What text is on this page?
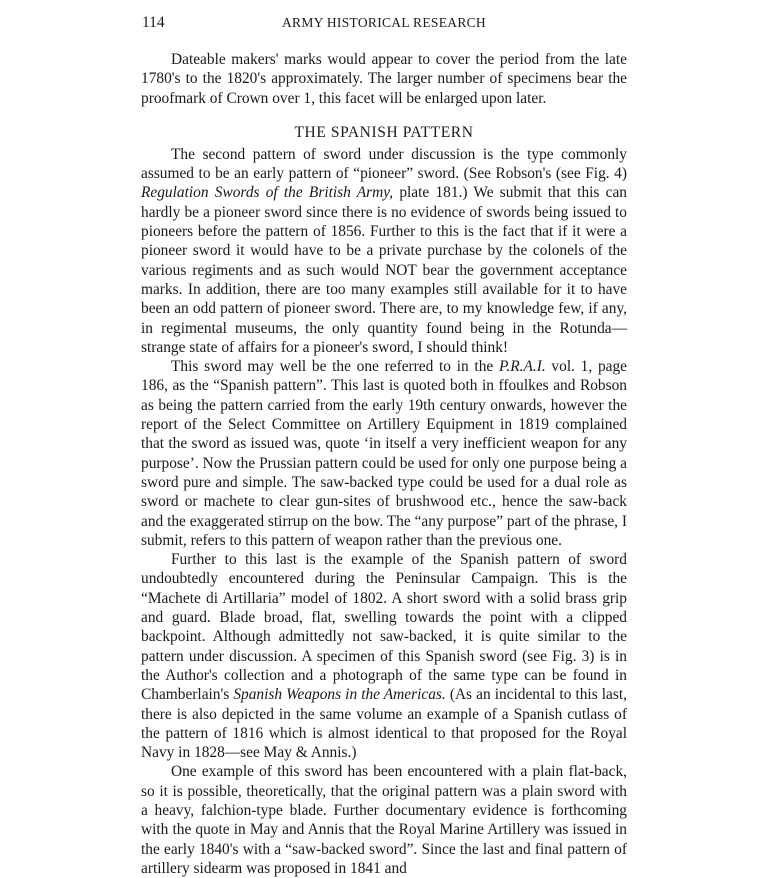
114	ARMY HISTORICAL RESEARCH

Dateable makers' marks would appear to cover the period from the late 1780's to the 1820's approximately. The larger number of specimens bear the proofmark of Crown over 1, this facet will be enlarged upon later.

THE SPANISH PATTERN

The second pattern of sword under discussion is the type commonly assumed to be an early pattern of “pioneer” sword. (See Robson's (see Fig. 4) Regulation Swords of the British Army, plate 181.) We submit that this can hardly be a pioneer sword since there is no evidence of swords being issued to pioneers before the pattern of 1856. Further to this is the fact that if it were a pioneer sword it would have to be a private purchase by the colonels of the various regiments and as such would NOT bear the government acceptance marks. In addition, there are too many examples still available for it to have been an odd pattern of pioneer sword. There are, to my knowledge few, if any, in regimental museums, the only quantity found being in the Rotunda—strange state of affairs for a pioneer's sword, I should think!

This sword may well be the one referred to in the P.R.A.I. vol. 1, page 186, as the “Spanish pattern”. This last is quoted both in ffoulkes and Robson as being the pattern carried from the early 19th century onwards, however the report of the Select Committee on Artillery Equipment in 1819 complained that the sword as issued was, quote ‘in itself a very inefficient weapon for any purpose’. Now the Prussian pattern could be used for only one purpose being a sword pure and simple. The saw-backed type could be used for a dual role as sword or machete to clear gun-sites of brushwood etc., hence the saw-back and the exaggerated stirrup on the bow. The “any purpose” part of the phrase, I submit, refers to this pattern of weapon rather than the previous one.

Further to this last is the example of the Spanish pattern of sword undoubtedly encountered during the Peninsular Campaign. This is the “Machete di Artillaria” model of 1802. A short sword with a solid brass grip and guard. Blade broad, flat, swelling towards the point with a clipped backpoint. Although admittedly not saw-backed, it is quite similar to the pattern under discussion. A specimen of this Spanish sword (see Fig. 3) is in the Author's collection and a photograph of the same type can be found in Chamberlain's Spanish Weapons in the Americas. (As an incidental to this last, there is also depicted in the same volume an example of a Spanish cutlass of the pattern of 1816 which is almost identical to that proposed for the Royal Navy in 1828—see May & Annis.)

One example of this sword has been encountered with a plain flat-back, so it is possible, theoretically, that the original pattern was a plain sword with a heavy, falchion-type blade. Further documentary evidence is forthcoming with the quote in May and Annis that the Royal Marine Artillery was issued in the early 1840's with a “saw-backed sword”. Since the last and final pattern of artillery sidearm was proposed in 1841 and
